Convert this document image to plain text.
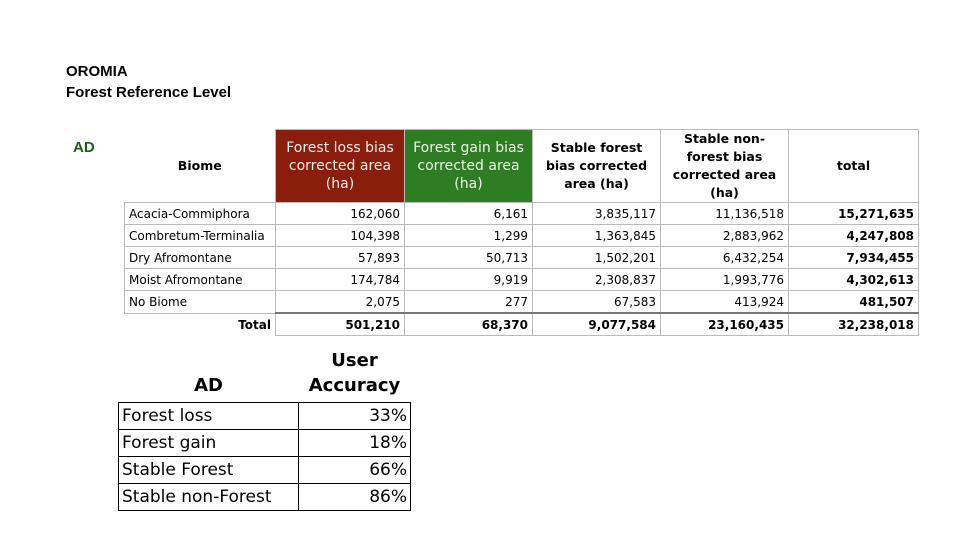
OROMIA
Forest Reference Level
AD
Biome	Forest loss bias corrected area (ha)	Forest gain bias corrected area (ha)	Stable forest bias corrected area (ha)	Stable non-forest bias corrected area (ha)	total
Acacia-Commiphora	162,060	6,161	3,835,117	11,136,518	15,271,635
Combretum-Terminalia	104,398	1,299	1,363,845	2,883,962	4,247,808
Dry Afromontane	57,893	50,713	1,502,201	6,432,254	7,934,455
Moist Afromontane	174,784	9,919	2,308,837	1,993,776	4,302,613
No Biome	2,075	277	67,583	413,924	481,507
Total	501,210	68,370	9,077,584	23,160,435	32,238,018
AD	User Accuracy
Forest loss	33%
Forest gain	18%
Stable Forest	66%
Stable non-Forest	86%
